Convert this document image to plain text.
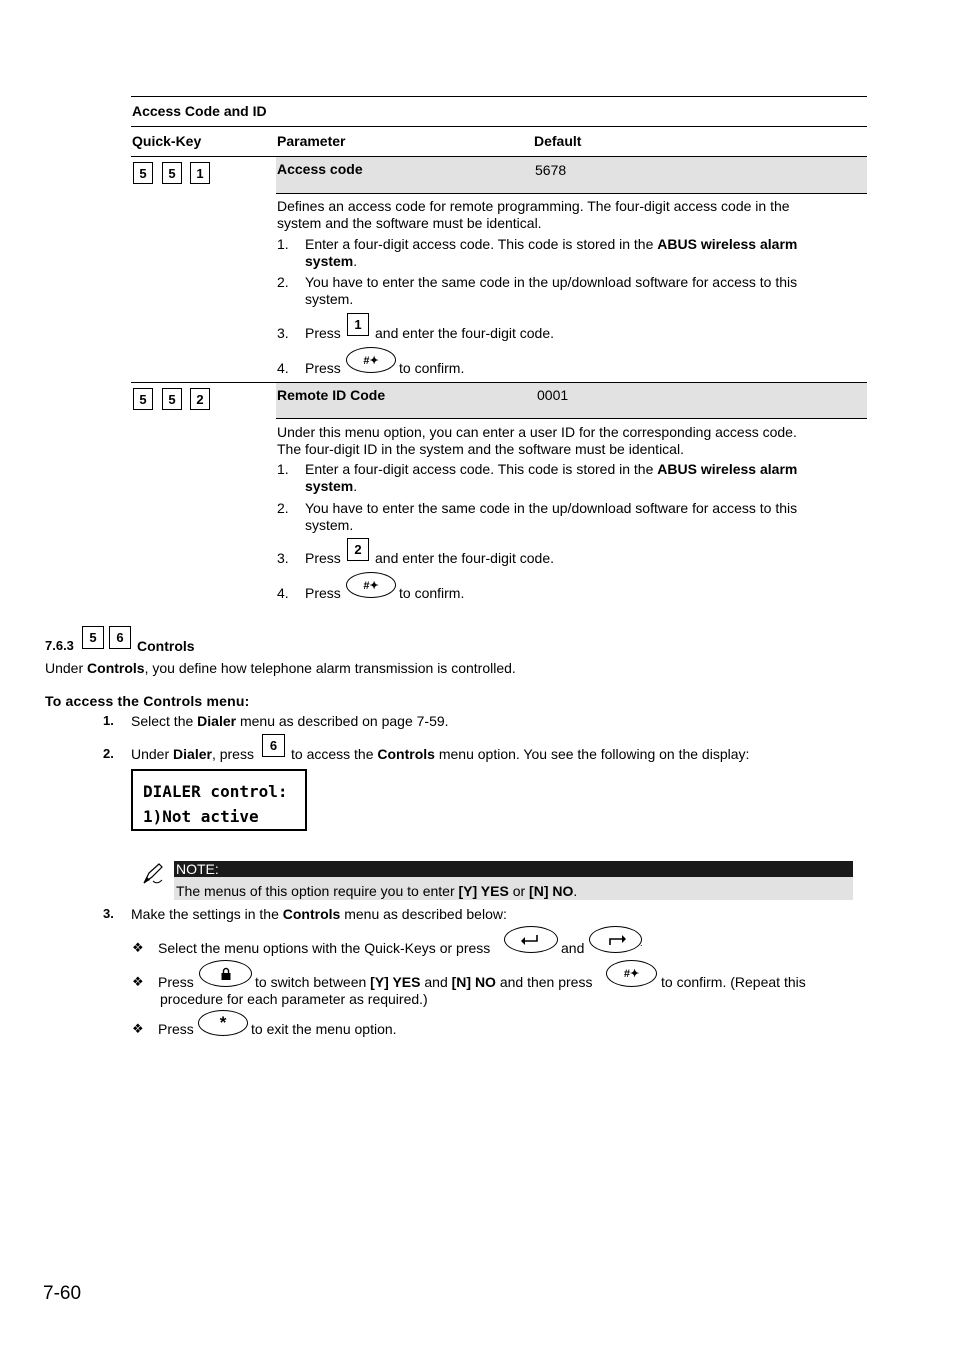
Access Code and ID
Quick-Key	Parameter	Default
5	5	1	Access code	5678
Defines an access code for remote programming. The four-digit access code in the system and the software must be identical.
1. Enter a four-digit access code. This code is stored in the ABUS wireless alarm system.
2. You have to enter the same code in the up/download software for access to this system.
3. Press
1
and enter the four-digit code.
4. Press	#✦	to confirm.
5	5	2	Remote ID Code	0001
Under this menu option, you can enter a user ID for the corresponding access code. The four-digit ID in the system and the software must be identical.
1. Enter a four-digit access code. This code is stored in the ABUS wireless alarm system.
2. You have to enter the same code in the up/download software for access to this system.
3. Press
2
and enter the four-digit code.
4. Press	#✦	to confirm.
7.6.3
5	6
Controls
Under Controls, you define how telephone alarm transmission is controlled.
To access the Controls menu:
1. Select the Dialer menu as described on page 7-59.
2. Under Dialer, press
6
to access the Controls menu option. You see the following on the display:
DIALER control:
1)Not active
NOTE:
The menus of this option require you to enter [Y] YES or [N] NO.
3. Make the settings in the Controls menu as described below:
❖ Select the menu options with the Quick-Keys or press	and	.
❖ Press	to switch between [Y] YES and [N] NO and then press	#✦	to confirm. (Repeat this
procedure for each parameter as required.)
❖ Press	*	to exit the menu option.
7-60
